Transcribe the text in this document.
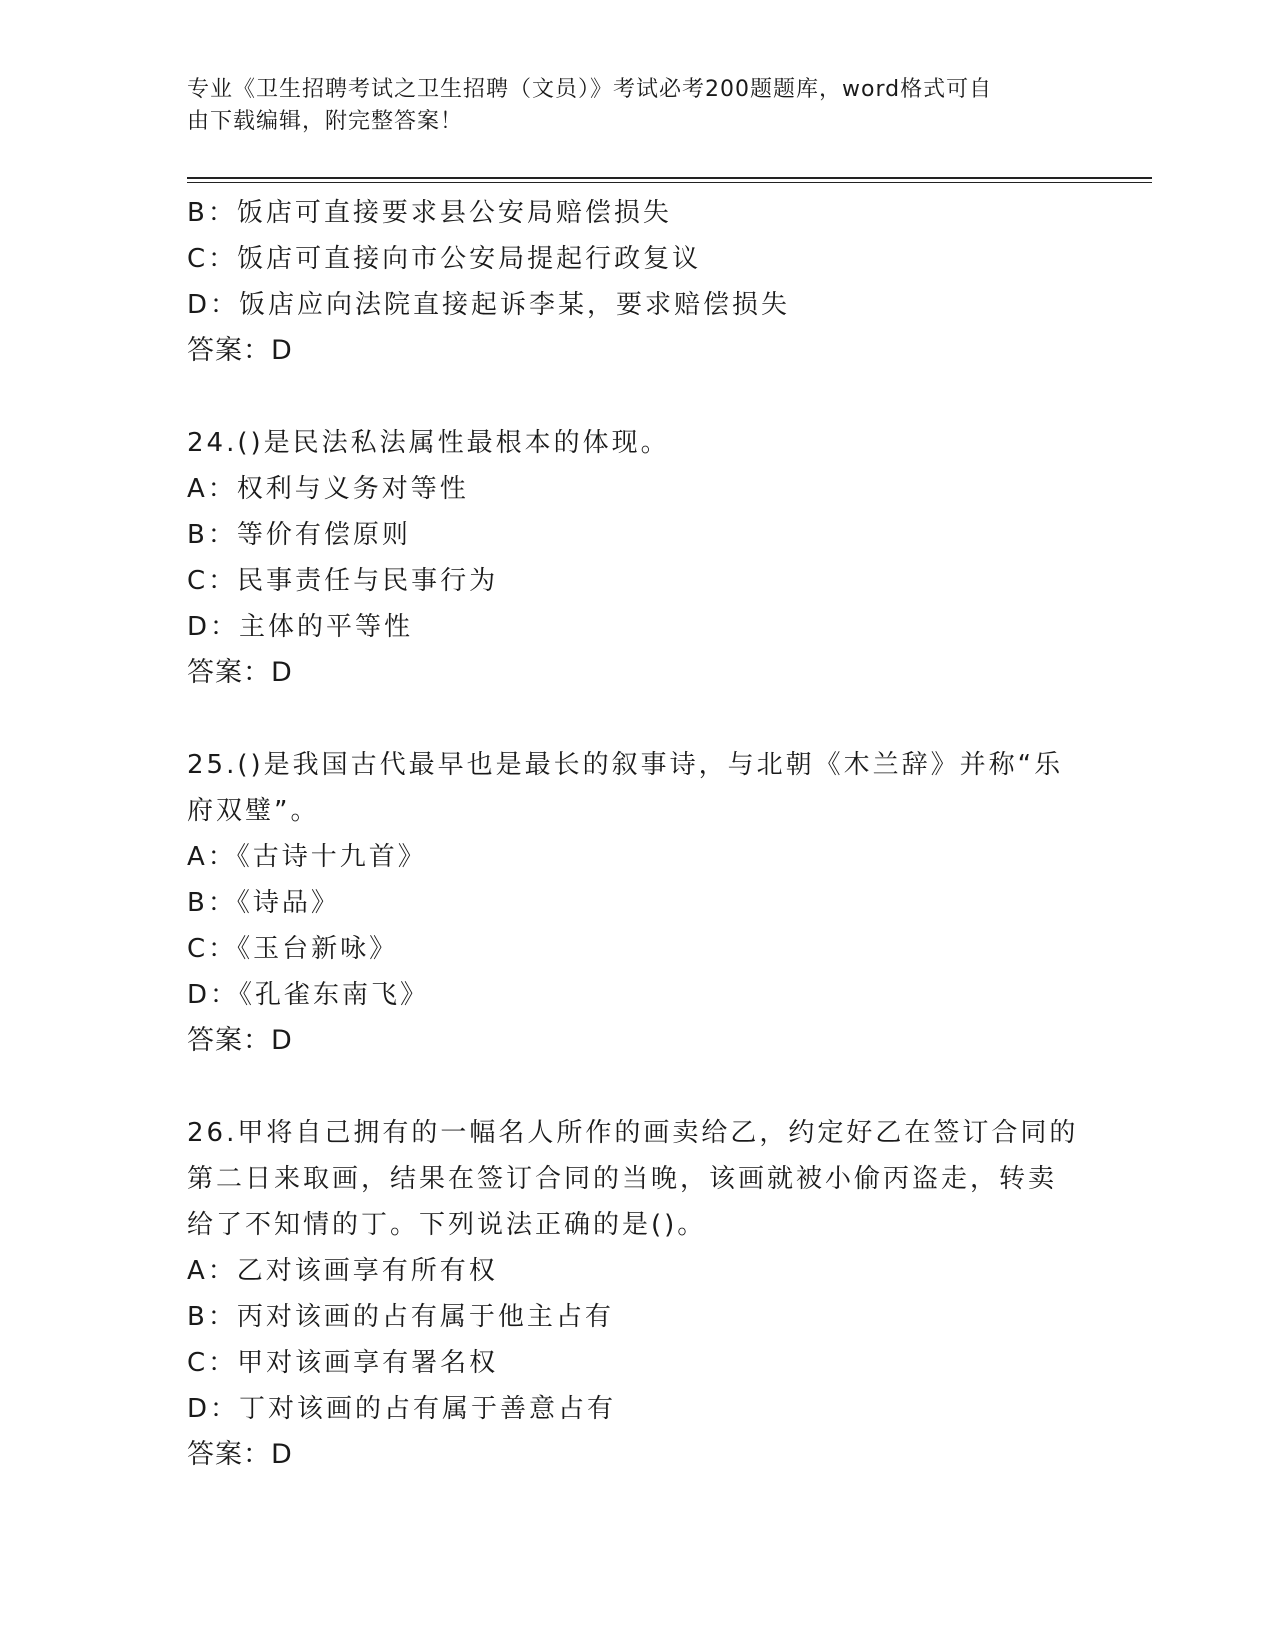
专业《卫生招聘考试之卫生招聘（文员）》考试必考200题题库，word格式可自
由下载编辑，附完整答案！
B：饭店可直接要求县公安局赔偿损失
C：饭店可直接向市公安局提起行政复议
D：饭店应向法院直接起诉李某，要求赔偿损失
答案：D
24.()是民法私法属性最根本的体现。
A：权利与义务对等性
B：等价有偿原则
C：民事责任与民事行为
D：主体的平等性
答案：D
25.()是我国古代最早也是最长的叙事诗，与北朝《木兰辞》并称“乐
府双璧”。
A：《古诗十九首》
B：《诗品》
C：《玉台新咏》
D：《孔雀东南飞》
答案：D
26.甲将自己拥有的一幅名人所作的画卖给乙，约定好乙在签订合同的
第二日来取画，结果在签订合同的当晚，该画就被小偷丙盗走，转卖
给了不知情的丁。下列说法正确的是()。
A：乙对该画享有所有权
B：丙对该画的占有属于他主占有
C：甲对该画享有署名权
D：丁对该画的占有属于善意占有
答案：D
